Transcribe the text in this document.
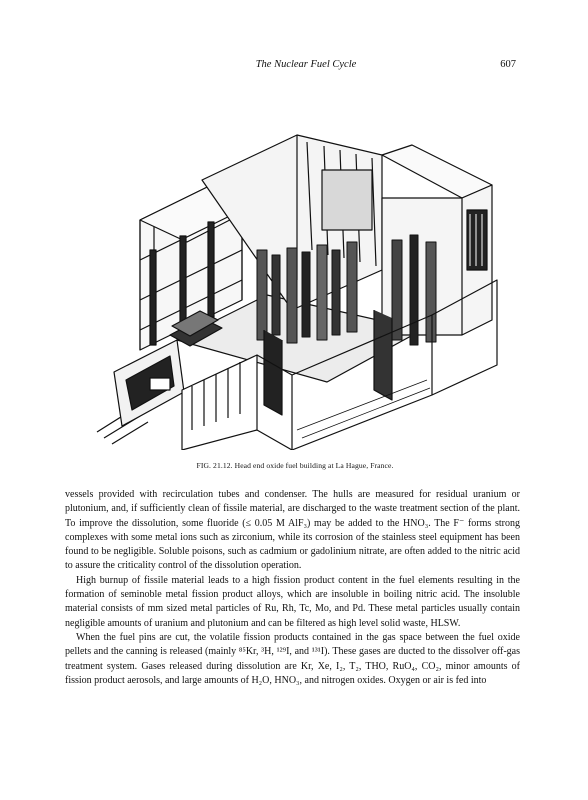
The Nuclear Fuel Cycle	607
FIG. 21.12. Head end oxide fuel building at La Hague, France.

vessels provided with recirculation tubes and condenser. The hulls are measured for residual uranium or plutonium, and, if sufficiently clean of fissile material, are discharged to the waste treatment section of the plant. To improve the dissolution, some fluoride (≤ 0.05 M AlF₃) may be added to the HNO₃. The F⁻ forms strong complexes with some metal ions such as zirconium, while its corrosion of the stainless steel equipment has been found to be negligible. Soluble poisons, such as cadmium or gadolinium nitrate, are often added to the nitric acid to assure the criticality control of the dissolution operation.

High burnup of fissile material leads to a high fission product content in the fuel elements resulting in the formation of seminoble metal fission product alloys, which are insoluble in boiling nitric acid. The insoluble material consists of mm sized metal particles of Ru, Rh, Tc, Mo, and Pd. These metal particles usually contain negligible amounts of uranium and plutonium and can be filtered as high level solid waste, HLSW.

When the fuel pins are cut, the volatile fission products contained in the gas space between the fuel oxide pellets and the canning is released (mainly ⁸⁵Kr, ³H, ¹²⁹I, and ¹³¹I). These gases are ducted to the dissolver off-gas treatment system. Gases released during dissolution are Kr, Xe, I₂, T₂, THO, RuO₄, CO₂, minor amounts of fission product aerosols, and large amounts of H₂O, HNO₃, and nitrogen oxides. Oxygen or air is fed into
